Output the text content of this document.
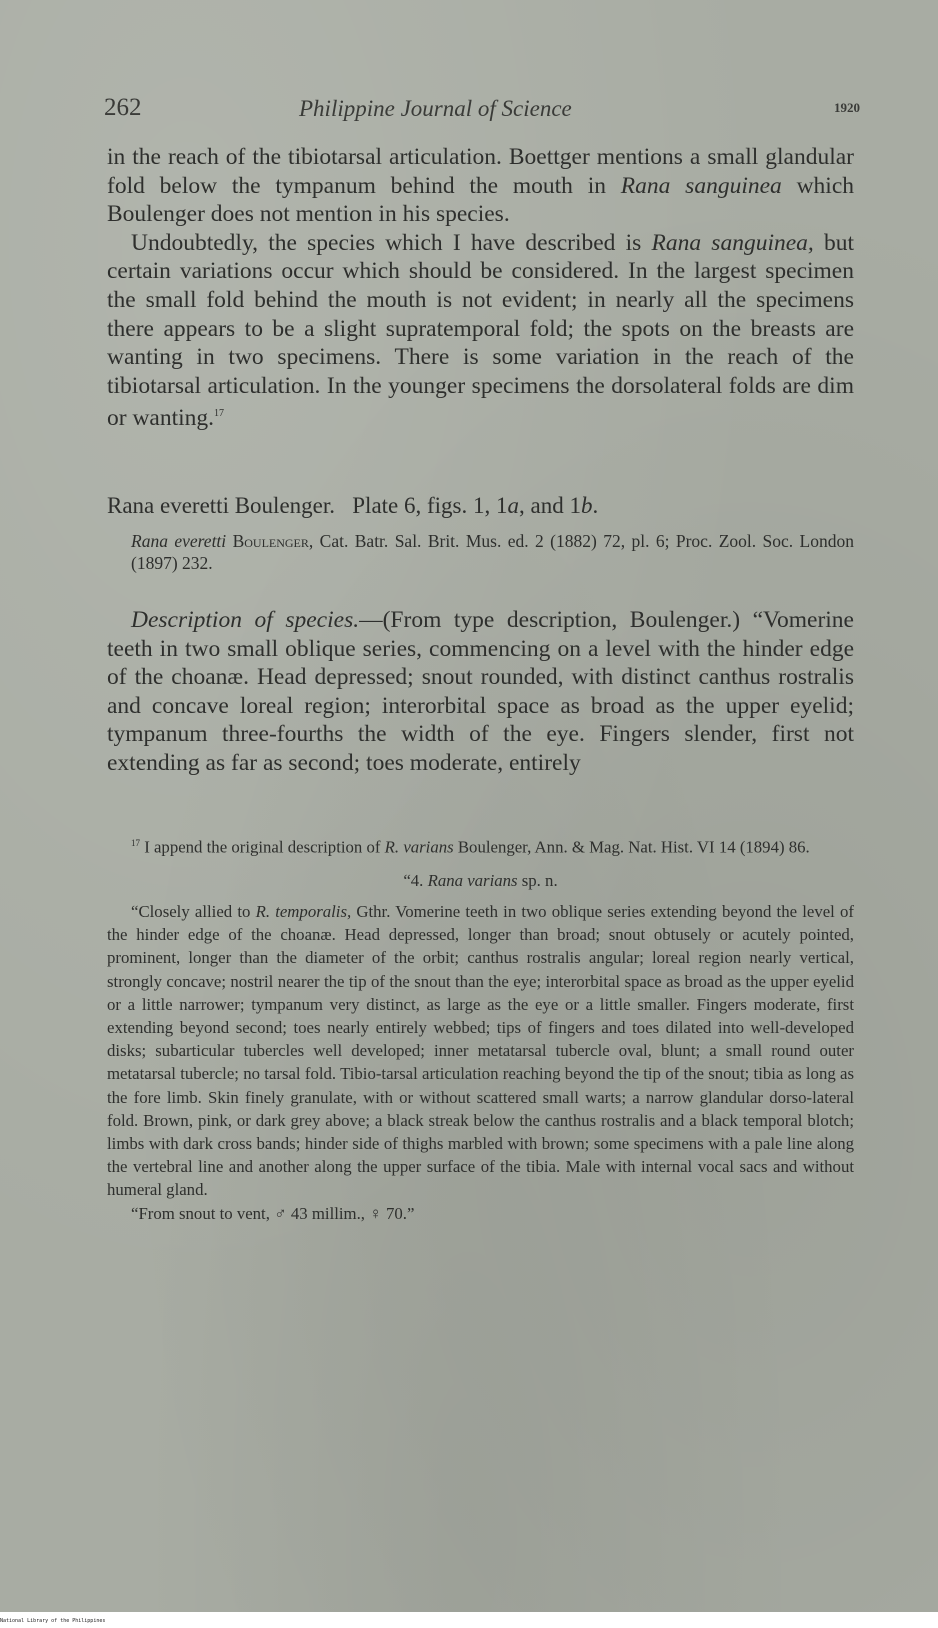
262	Philippine Journal of Science	1920

in the reach of the tibiotarsal articulation. Boettger mentions a small glandular fold below the tympanum behind the mouth in Rana sanguinea which Boulenger does not mention in his species.

Undoubtedly, the species which I have described is Rana sanguinea, but certain variations occur which should be considered. In the largest specimen the small fold behind the mouth is not evident; in nearly all the specimens there appears to be a slight supratemporal fold; the spots on the breasts are wanting in two specimens. There is some variation in the reach of the tibiotarsal articulation. In the younger specimens the dorsolateral folds are dim or wanting.$^{17}$

Rana everetti Boulenger. Plate 6, figs. 1, 1a, and 1b.

Rana everetti Boulenger, Cat. Batr. Sal. Brit. Mus. ed. 2 (1882) 72, pl. 6; Proc. Zool. Soc. London (1897) 232.

Description of species.—(From type description, Boulenger.) “Vomerine teeth in two small oblique series, commencing on a level with the hinder edge of the choanæ. Head depressed; snout rounded, with distinct canthus rostralis and concave loreal region; interorbital space as broad as the upper eyelid; tympanum three-fourths the width of the eye. Fingers slender, first not extending as far as second; toes moderate, entirely

$^{17}$ I append the original description of R. varians Boulenger, Ann. & Mag. Nat. Hist. VI 14 (1894) 86.

“4. Rana varians sp. n.

“Closely allied to R. temporalis, Gthr. Vomerine teeth in two oblique series extending beyond the level of the hinder edge of the choanæ. Head depressed, longer than broad; snout obtusely or acutely pointed, prominent, longer than the diameter of the orbit; canthus rostralis angular; loreal region nearly vertical, strongly concave; nostril nearer the tip of the snout than the eye; interorbital space as broad as the upper eyelid or a little narrower; tympanum very distinct, as large as the eye or a little smaller. Fingers moderate, first extending beyond second; toes nearly entirely webbed; tips of fingers and toes dilated into well-developed disks; subarticular tubercles well developed; inner metatarsal tubercle oval, blunt; a small round outer metatarsal tubercle; no tarsal fold. Tibio-tarsal articulation reaching beyond the tip of the snout; tibia as long as the fore limb. Skin finely granulate, with or without scattered small warts; a narrow glandular dorso-lateral fold. Brown, pink, or dark grey above; a black streak below the canthus rostralis and a black temporal blotch; limbs with dark cross bands; hinder side of thighs marbled with brown; some specimens with a pale line along the vertebral line and another along the upper surface of the tibia. Male with internal vocal sacs and without humeral gland.

“From snout to vent, ♂ 43 millim., ♀ 70.”

National Library of the Philippines
